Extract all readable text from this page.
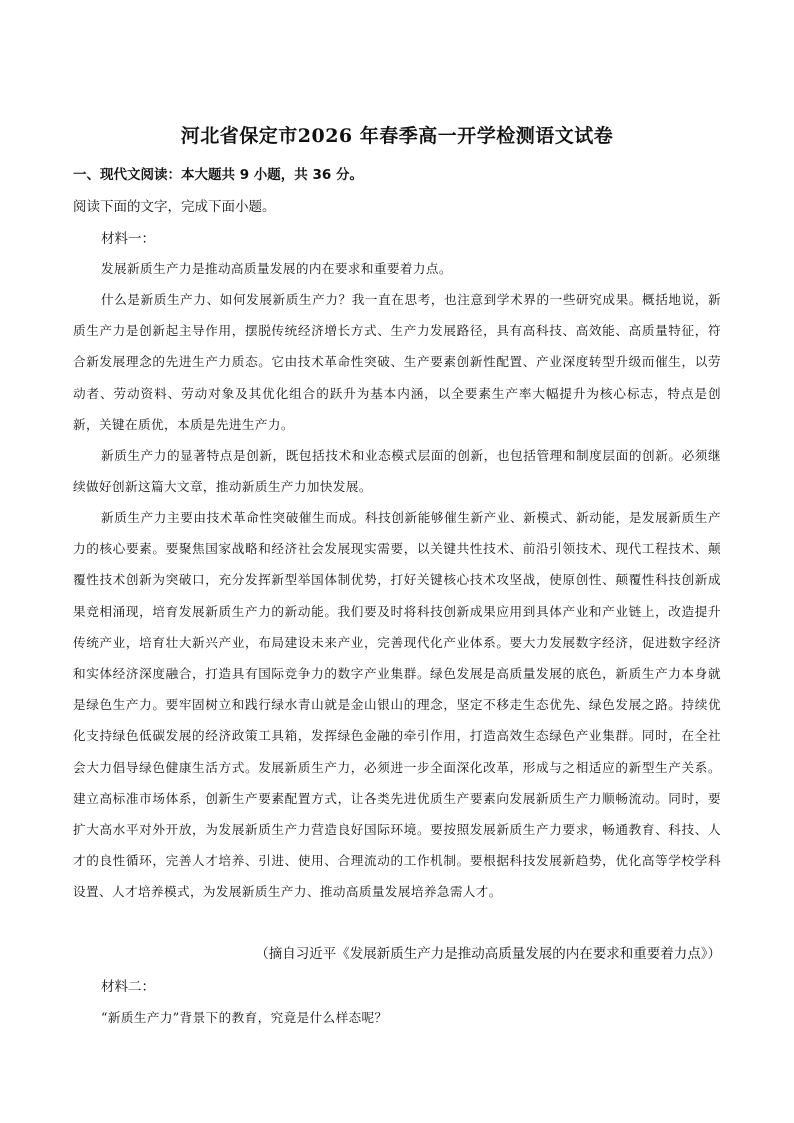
河北省保定市2026 年春季高一开学检测语文试卷
一、现代文阅读：本大题共 9 小题，共 36 分。
阅读下面的文字，完成下面小题。
材料一：

发展新质生产力是推动高质量发展的内在要求和重要着力点。

什么是新质生产力、如何发展新质生产力？我一直在思考，也注意到学术界的一些研究成果。概括地说，新质生产力是创新起主导作用，摆脱传统经济增长方式、生产力发展路径，具有高科技、高效能、高质量特征，符合新发展理念的先进生产力质态。它由技术革命性突破、生产要素创新性配置、产业深度转型升级而催生，以劳动者、劳动资料、劳动对象及其优化组合的跃升为基本内涵，以全要素生产率大幅提升为核心标志，特点是创新，关键在质优，本质是先进生产力。

新质生产力的显著特点是创新，既包括技术和业态模式层面的创新，也包括管理和制度层面的创新。必须继续做好创新这篇大文章，推动新质生产力加快发展。

新质生产力主要由技术革命性突破催生而成。科技创新能够催生新产业、新模式、新动能，是发展新质生产力的核心要素。要聚焦国家战略和经济社会发展现实需要，以关键共性技术、前沿引领技术、现代工程技术、颠覆性技术创新为突破口，充分发挥新型举国体制优势，打好关键核心技术攻坚战，使原创性、颠覆性科技创新成果竞相涌现，培育发展新质生产力的新动能。我们要及时将科技创新成果应用到具体产业和产业链上，改造提升传统产业，培育壮大新兴产业，布局建设未来产业，完善现代化产业体系。要大力发展数字经济，促进数字经济和实体经济深度融合，打造具有国际竞争力的数字产业集群。绿色发展是高质量发展的底色，新质生产力本身就是绿色生产力。要牢固树立和践行绿水青山就是金山银山的理念，坚定不移走生态优先、绿色发展之路。持续优化支持绿色低碳发展的经济政策工具箱，发挥绿色金融的牵引作用，打造高效生态绿色产业集群。同时，在全社会大力倡导绿色健康生活方式。发展新质生产力，必须进一步全面深化改革，形成与之相适应的新型生产关系。建立高标准市场体系，创新生产要素配置方式，让各类先进优质生产要素向发展新质生产力顺畅流动。同时，要扩大高水平对外开放，为发展新质生产力营造良好国际环境。要按照发展新质生产力要求，畅通教育、科技、人才的良性循环，完善人才培养、引进、使用、合理流动的工作机制。要根据科技发展新趋势，优化高等学校学科设置、人才培养模式，为发展新质生产力、推动高质量发展培养急需人才。

（摘自习近平《发展新质生产力是推动高质量发展的内在要求和重要着力点》）
材料二：

“新质生产力”背景下的教育，究竟是什么样态呢？
